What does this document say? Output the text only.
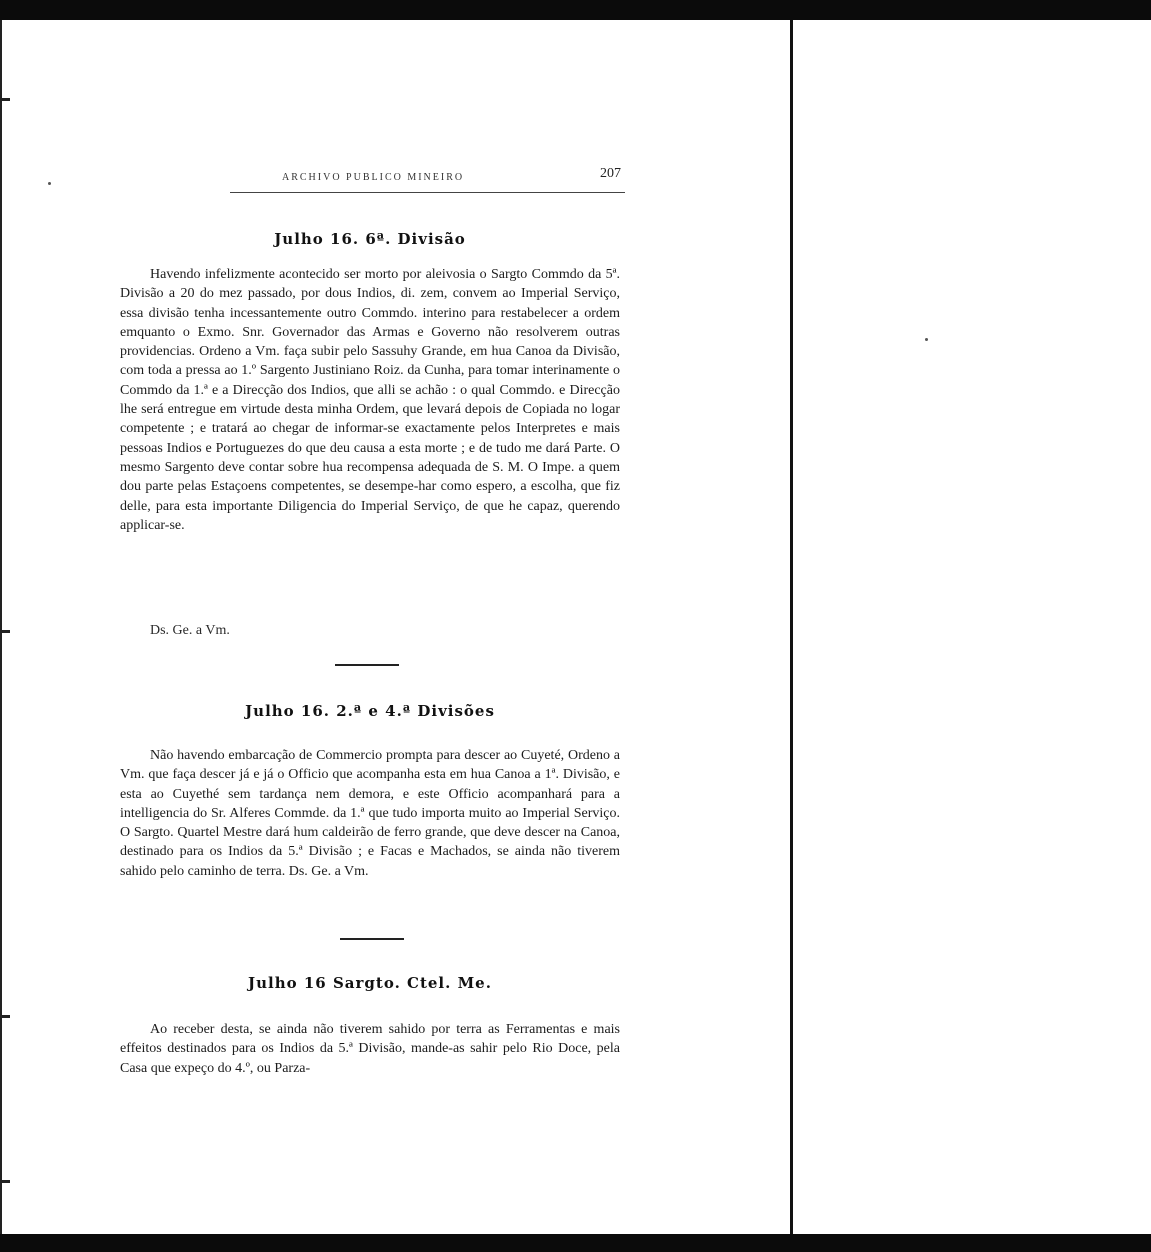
ARCHIVO PUBLICO MINEIRO	207
Julho 16. 6ª. Divisão

Havendo infelizmente acontecido ser morto por aleivosia o Sargto Commdo da 5ª. Divisão a 20 do mez passado, por dous Indios, di. zem, convem ao Imperial Serviço, essa divisão tenha incessantemente outro Commdo. interino para restabelecer a ordem emquanto o Exmo. Snr. Governador das Armas e Governo não resolverem outras providencias. Ordeno a Vm. faça subir pelo Sassuhy Grande, em hua Canoa da Divisão, com toda a pressa ao 1.º Sargento Justiniano Roiz. da Cunha, para tomar interinamente o Commdo da 1.ª e a Direcção dos Indios, que alli se achão : o qual Commdo. e Direcção lhe será entregue em virtude desta minha Ordem, que levará depois de Copiada no logar competente ; e tratará ao chegar de informar-se exactamente pelos Interpretes e mais pessoas Indios e Portuguezes do que deu causa a esta morte ; e de tudo me dará Parte. O mesmo Sargento deve contar sobre hua recompensa adequada de S. M. O Impe. a quem dou parte pelas Estaçoens competentes, se desempe-har como espero, a escolha, que fiz delle, para esta importante Diligencia do Imperial Serviço, de que he capaz, querendo applicar-se.

Ds. Ge. a Vm.
Julho 16. 2.ª e 4.ª Divisões

Não havendo embarcação de Commercio prompta para descer ao Cuyeté, Ordeno a Vm. que faça descer já e já o Officio que acompanha esta em hua Canoa a 1ª. Divisão, e esta ao Cuyethé sem tardança nem demora, e este Officio acompanhará para a intelligencia do Sr. Alferes Commde. da 1.ª que tudo importa muito ao Imperial Serviço. O Sargto. Quartel Mestre dará hum caldeirão de ferro grande, que deve descer na Canoa, destinado para os Indios da 5.ª Divisão ; e Facas e Machados, se ainda não tiverem sahido pelo caminho de terra. Ds. Ge. a Vm.

Julho 16 Sargto. Ctel. Me.

Ao receber desta, se ainda não tiverem sahido por terra as Ferramentas e mais effeitos destinados para os Indios da 5.ª Divisão, mande-as sahir pelo Rio Doce, pela Casa que expeço do 4.º, ou Parza-
